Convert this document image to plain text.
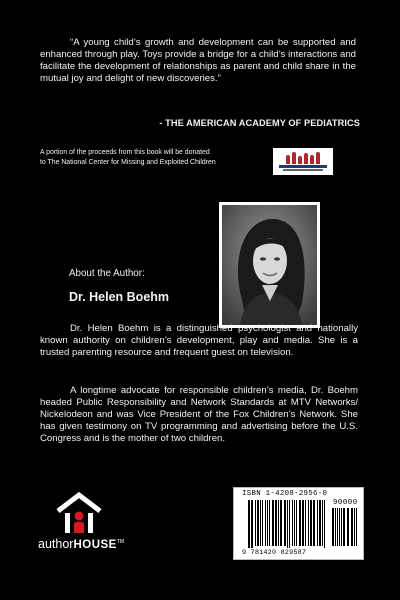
“A young child’s growth and development can be supported and enhanced through play. Toys provide a bridge for a child’s interactions and facilitate the development of relationships as parent and child share in the mutual joy and delight of new discoveries.”
- THE AMERICAN ACADEMY OF PEDIATRICS
A portion of the proceeds from this book will be donated
to The National Center for Missing and Exploited Children
About the Author:
Dr. Helen Boehm
Dr. Helen Boehm is a distinguished psychologist and nationally known authority on children’s development, play and media. She is a trusted parenting resource and frequent guest on television.
A longtime advocate for responsible children’s media, Dr. Boehm headed Public Responsibility and Network Standards at MTV Networks/ Nickelodeon and was Vice President of the Fox Children’s Network. She has given testimony on TV programming and advertising before the U.S. Congress and is the mother of two children.
authorHOUSE™
ISBN 1-4208-2956-0
90000
9 781420 829587
